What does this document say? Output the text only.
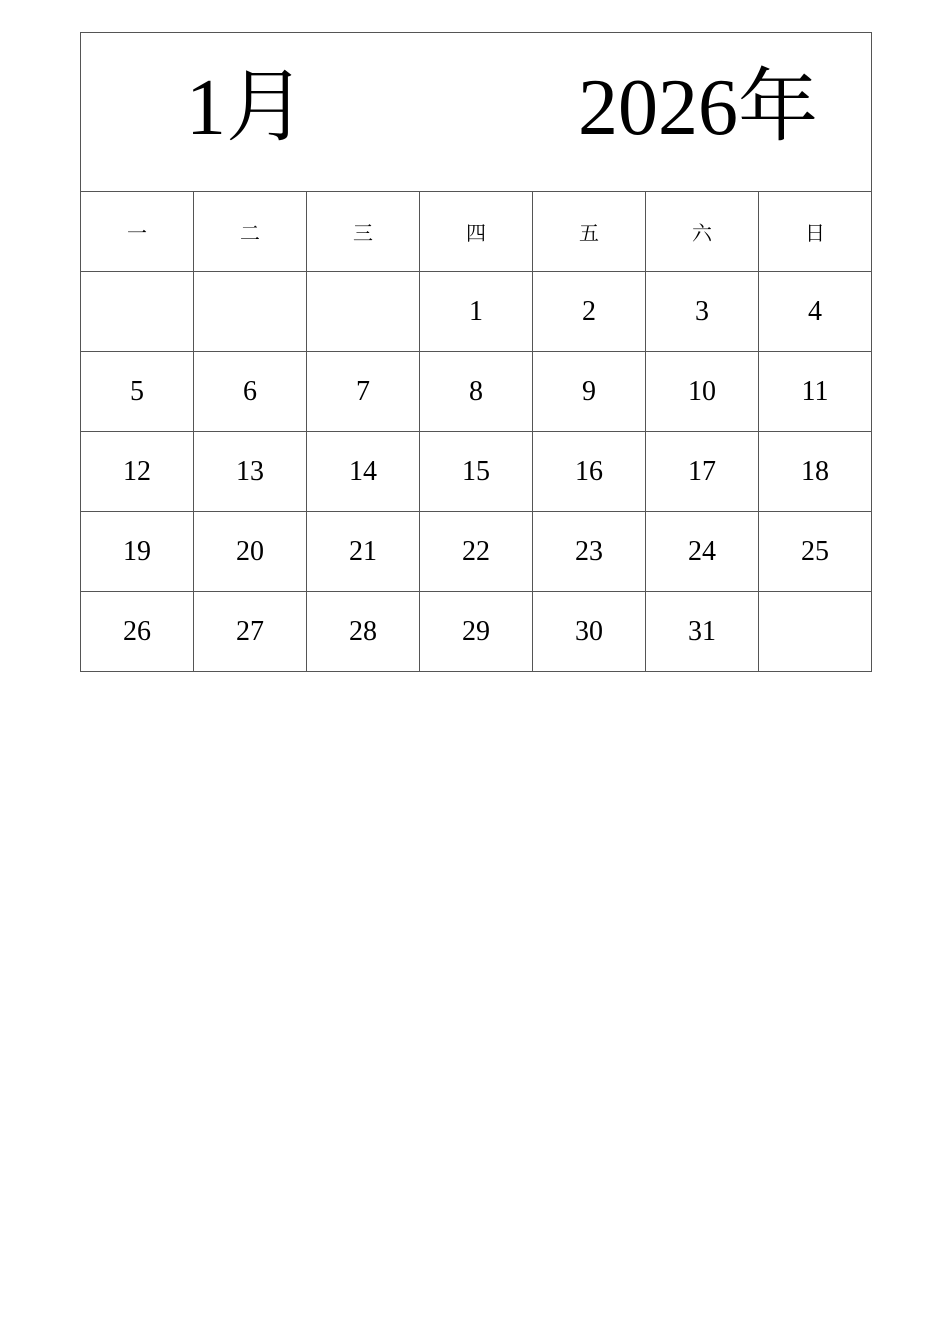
1月 2026年						

一	二	三	四	五	六	日
			1	2	3	4
5	6	7	8	9	10	11
12	13	14	15	16	17	18
19	20	21	22	23	24	25
26	27	28	29	30	31	
